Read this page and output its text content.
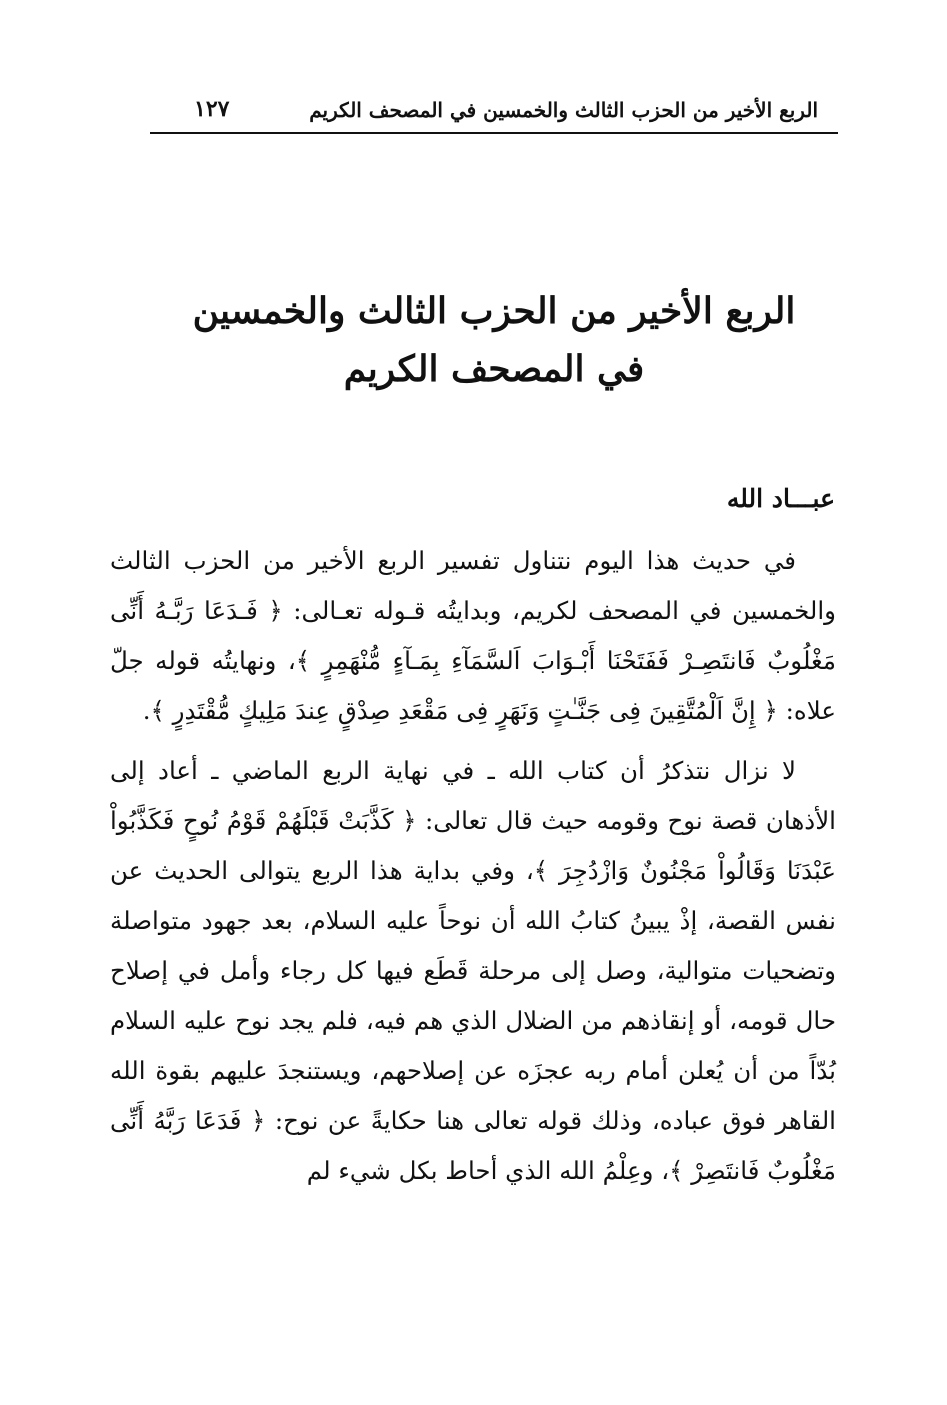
الربع الأخير من الحزب الثالث والخمسين في المصحف الكريم
١٢٧
الربع الأخير من الحزب الثالث والخمسين
في المصحف الكريم
عبـــاد الله

في حديث هذا اليوم نتناول تفسير الربع الأخير من الحزب الثالث والخمسين في المصحف لكريم، وبدايتُه قـوله تعـالى: ﴿ فَـدَعَا رَبَّـهُ أَنِّى مَغْلُوبٌ فَانتَصِـرْ فَفَتَحْنَا أَبْـوَابَ اَلسَّمَآءِ بِمَـآءٍ مُّنْهَمِرٍ ﴾، ونهايتُه قوله جلّ علاه: ﴿ إِنَّ اَلْمُتَّقِينَ فِى جَنَّـٰتٍ وَنَهَرٍ فِى مَقْعَدِ صِدْقٍ عِندَ مَلِيكٍ مُّقْتَدِرٍ ﴾.

لا نزال نتذكرُ أن كتاب الله ـ في نهاية الربع الماضي ـ أعاد إلى الأذهان قصة نوح وقومه حيث قال تعالى: ﴿ كَذَّبَتْ قَبْلَهُمْ قَوْمُ نُوحٍ فَكَذَّبُواْ عَبْدَنَا وَقَالُواْ مَجْنُونٌ وَازْدُجِرَ ﴾، وفي بداية هذا الربع يتوالى الحديث عن نفس القصة، إذْ يبينُ كتابُ الله أن نوحاً عليه السلام، بعد جهود متواصلة وتضحيات متوالية، وصل إلى مرحلة قَطَع فيها كل رجاء وأمل في إصلاح حال قومه، أو إنقاذهم من الضلال الذي هم فيه، فلم يجد نوح عليه السلام بُدّاً من أن يُعلن أمام ربه عجزَه عن إصلاحهم، ويستنجدَ عليهم بقوة الله القاهر فوق عباده، وذلك قوله تعالى هنا حكايةً عن نوح: ﴿ فَدَعَا رَبَّهُ أَنِّى مَغْلُوبٌ فَانتَصِرْ ﴾، وعِلْمُ الله الذي أحاط بكل شيء لم
